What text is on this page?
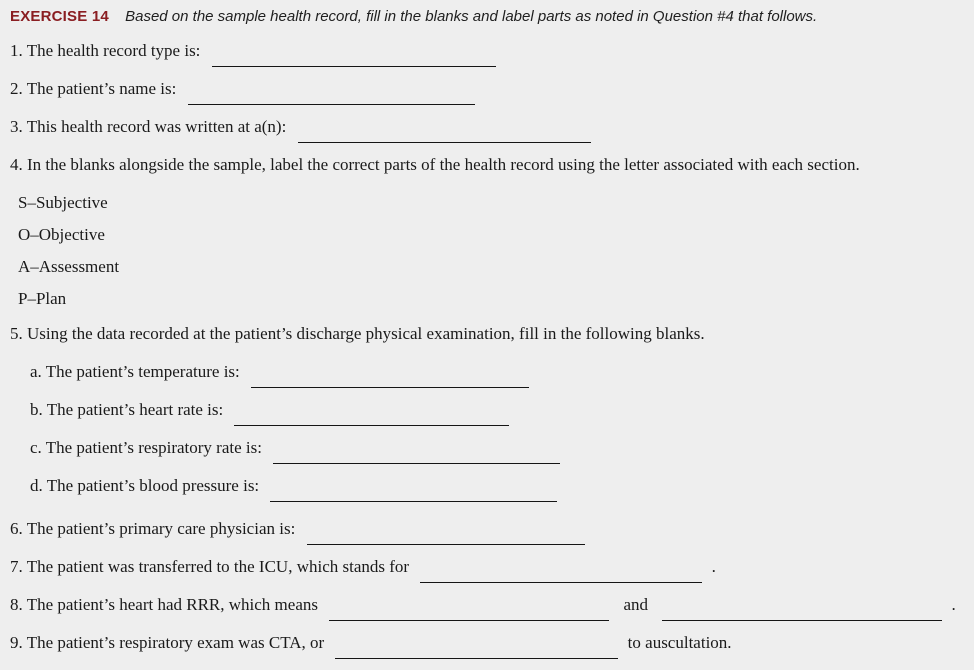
EXERCISE 14 Based on the sample health record, fill in the blanks and label parts as noted in Question #4 that follows.
1. The health record type is:
2. The patient’s name is:
3. This health record was written at a(n):
4. In the blanks alongside the sample, label the correct parts of the health record using the letter associated with each section.
S–Subjective
O–Objective
A–Assessment
P–Plan
5. Using the data recorded at the patient’s discharge physical examination, fill in the following blanks.
a. The patient’s temperature is:
b. The patient’s heart rate is:
c. The patient’s respiratory rate is:
d. The patient’s blood pressure is:
6. The patient’s primary care physician is:
7. The patient was transferred to the ICU, which stands for	.
8. The patient’s heart had RRR, which means	and	.
9. The patient’s respiratory exam was CTA, or	to auscultation.
